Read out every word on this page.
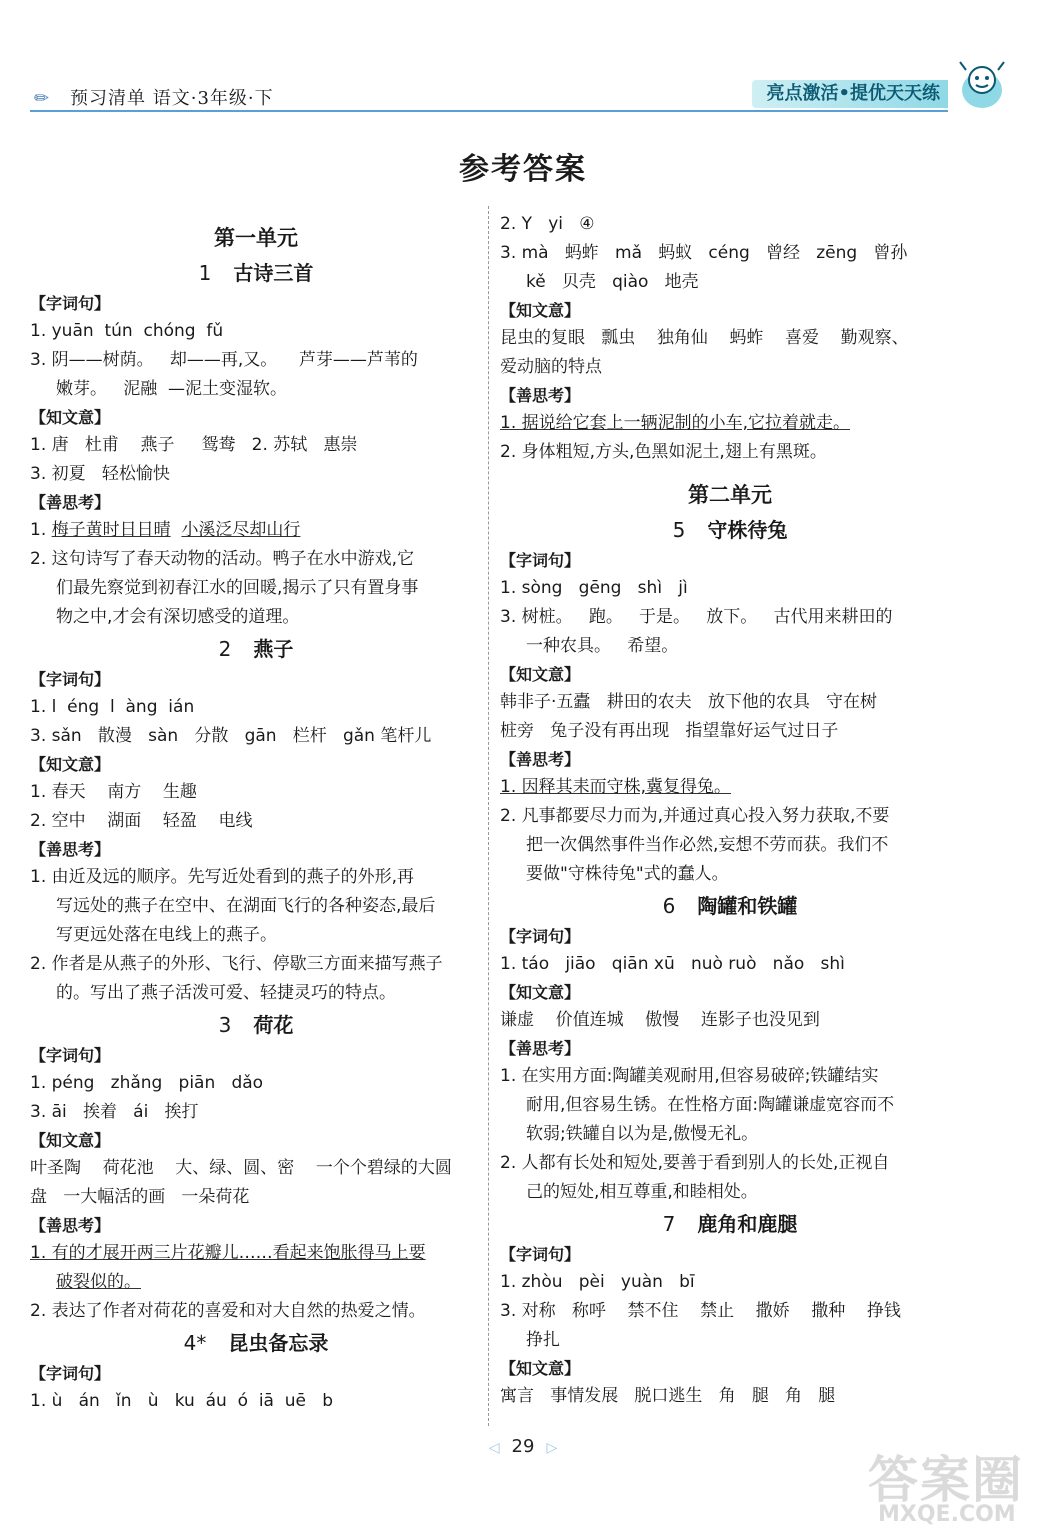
✏ 预习清单 语文·3年级·下	亮点激活•提优天天练
参考答案
第一单元
1 古诗三首
【字词句】
1. yuān  tún  chóng  fǔ
3. 阴——树荫。   却——再,又。    芦芽——芦苇的
嫩芽。   泥融  —泥土变湿软。
【知文意】
1. 唐   杜甫    燕子     鸳鸯   2. 苏轼   惠崇
3. 初夏   轻松愉快
【善思考】
1. 梅子黄时日日晴 小溪泛尽却山行
2. 这句诗写了春天动物的活动。鸭子在水中游戏,它
们最先察觉到初春江水的回暖,揭示了只有置身事
物之中,才会有深切感受的道理。
2 燕子
【字词句】
1. l  éng  l  àng  ián
3. sǎn   散漫   sàn   分散   gān   栏杆   gǎn 笔杆儿
【知文意】
1. 春天    南方    生趣
2. 空中    湖面    轻盈    电线
【善思考】
1. 由近及远的顺序。先写近处看到的燕子的外形,再
写远处的燕子在空中、在湖面飞行的各种姿态,最后
写更远处落在电线上的燕子。
2. 作者是从燕子的外形、飞行、停歇三方面来描写燕子
的。写出了燕子活泼可爱、轻捷灵巧的特点。
3 荷花
【字词句】
1. péng   zhǎng   piān   dǎo
3. āi   挨着   ái   挨打
【知文意】
叶圣陶    荷花池    大、绿、圆、密    一个个碧绿的大圆
盘   一大幅活的画   一朵荷花
【善思考】
1. 有的才展开两三片花瓣儿……看起来饱胀得马上要
破裂似的。
2. 表达了作者对荷花的喜爱和对大自然的热爱之情。
4* 昆虫备忘录
【字词句】
1. ù   án   ǐn   ù   ku  áu  ó  iā  uē   b
2. Y   yi   ④
3. mà   蚂蚱   mǎ   蚂蚁   céng   曾经   zēng   曾孙
kě   贝壳   qiào   地壳
【知文意】
昆虫的复眼   瓢虫    独角仙    蚂蚱    喜爱    勤观察、
爱动脑的特点
【善思考】
1. 据说给它套上一辆泥制的小车,它拉着就走。
2. 身体粗短,方头,色黑如泥土,翅上有黑斑。
第二单元
5 守株待兔
【字词句】
1. sòng   gēng   shì   jì
3. 树桩。   跑。   于是。   放下。   古代用来耕田的
一种农具。   希望。
【知文意】
韩非子·五蠹   耕田的农夫   放下他的农具   守在树
桩旁   兔子没有再出现   指望靠好运气过日子
【善思考】
1. 因释其耒而守株,冀复得兔。
2. 凡事都要尽力而为,并通过真心投入努力获取,不要
把一次偶然事件当作必然,妄想不劳而获。我们不
要做"守株待兔"式的蠢人。
6 陶罐和铁罐
【字词句】
1. táo   jiāo   qiān xū   nuò ruò   nǎo   shì
【知文意】
谦虚    价值连城    傲慢    连影子也没见到
【善思考】
1. 在实用方面:陶罐美观耐用,但容易破碎;铁罐结实
耐用,但容易生锈。在性格方面:陶罐谦虚宽容而不
软弱;铁罐自以为是,傲慢无礼。
2. 人都有长处和短处,要善于看到别人的长处,正视自
己的短处,相互尊重,和睦相处。
7 鹿角和鹿腿
【字词句】
1. zhòu   pèi   yuàn   bī
3. 对称   称呼    禁不住    禁止    撒娇    撒种    挣钱
挣扎
【知文意】
寓言   事情发展   脱口逃生   角   腿   角   腿
◁ 29 ▷
答案圈
MXQE.COM
